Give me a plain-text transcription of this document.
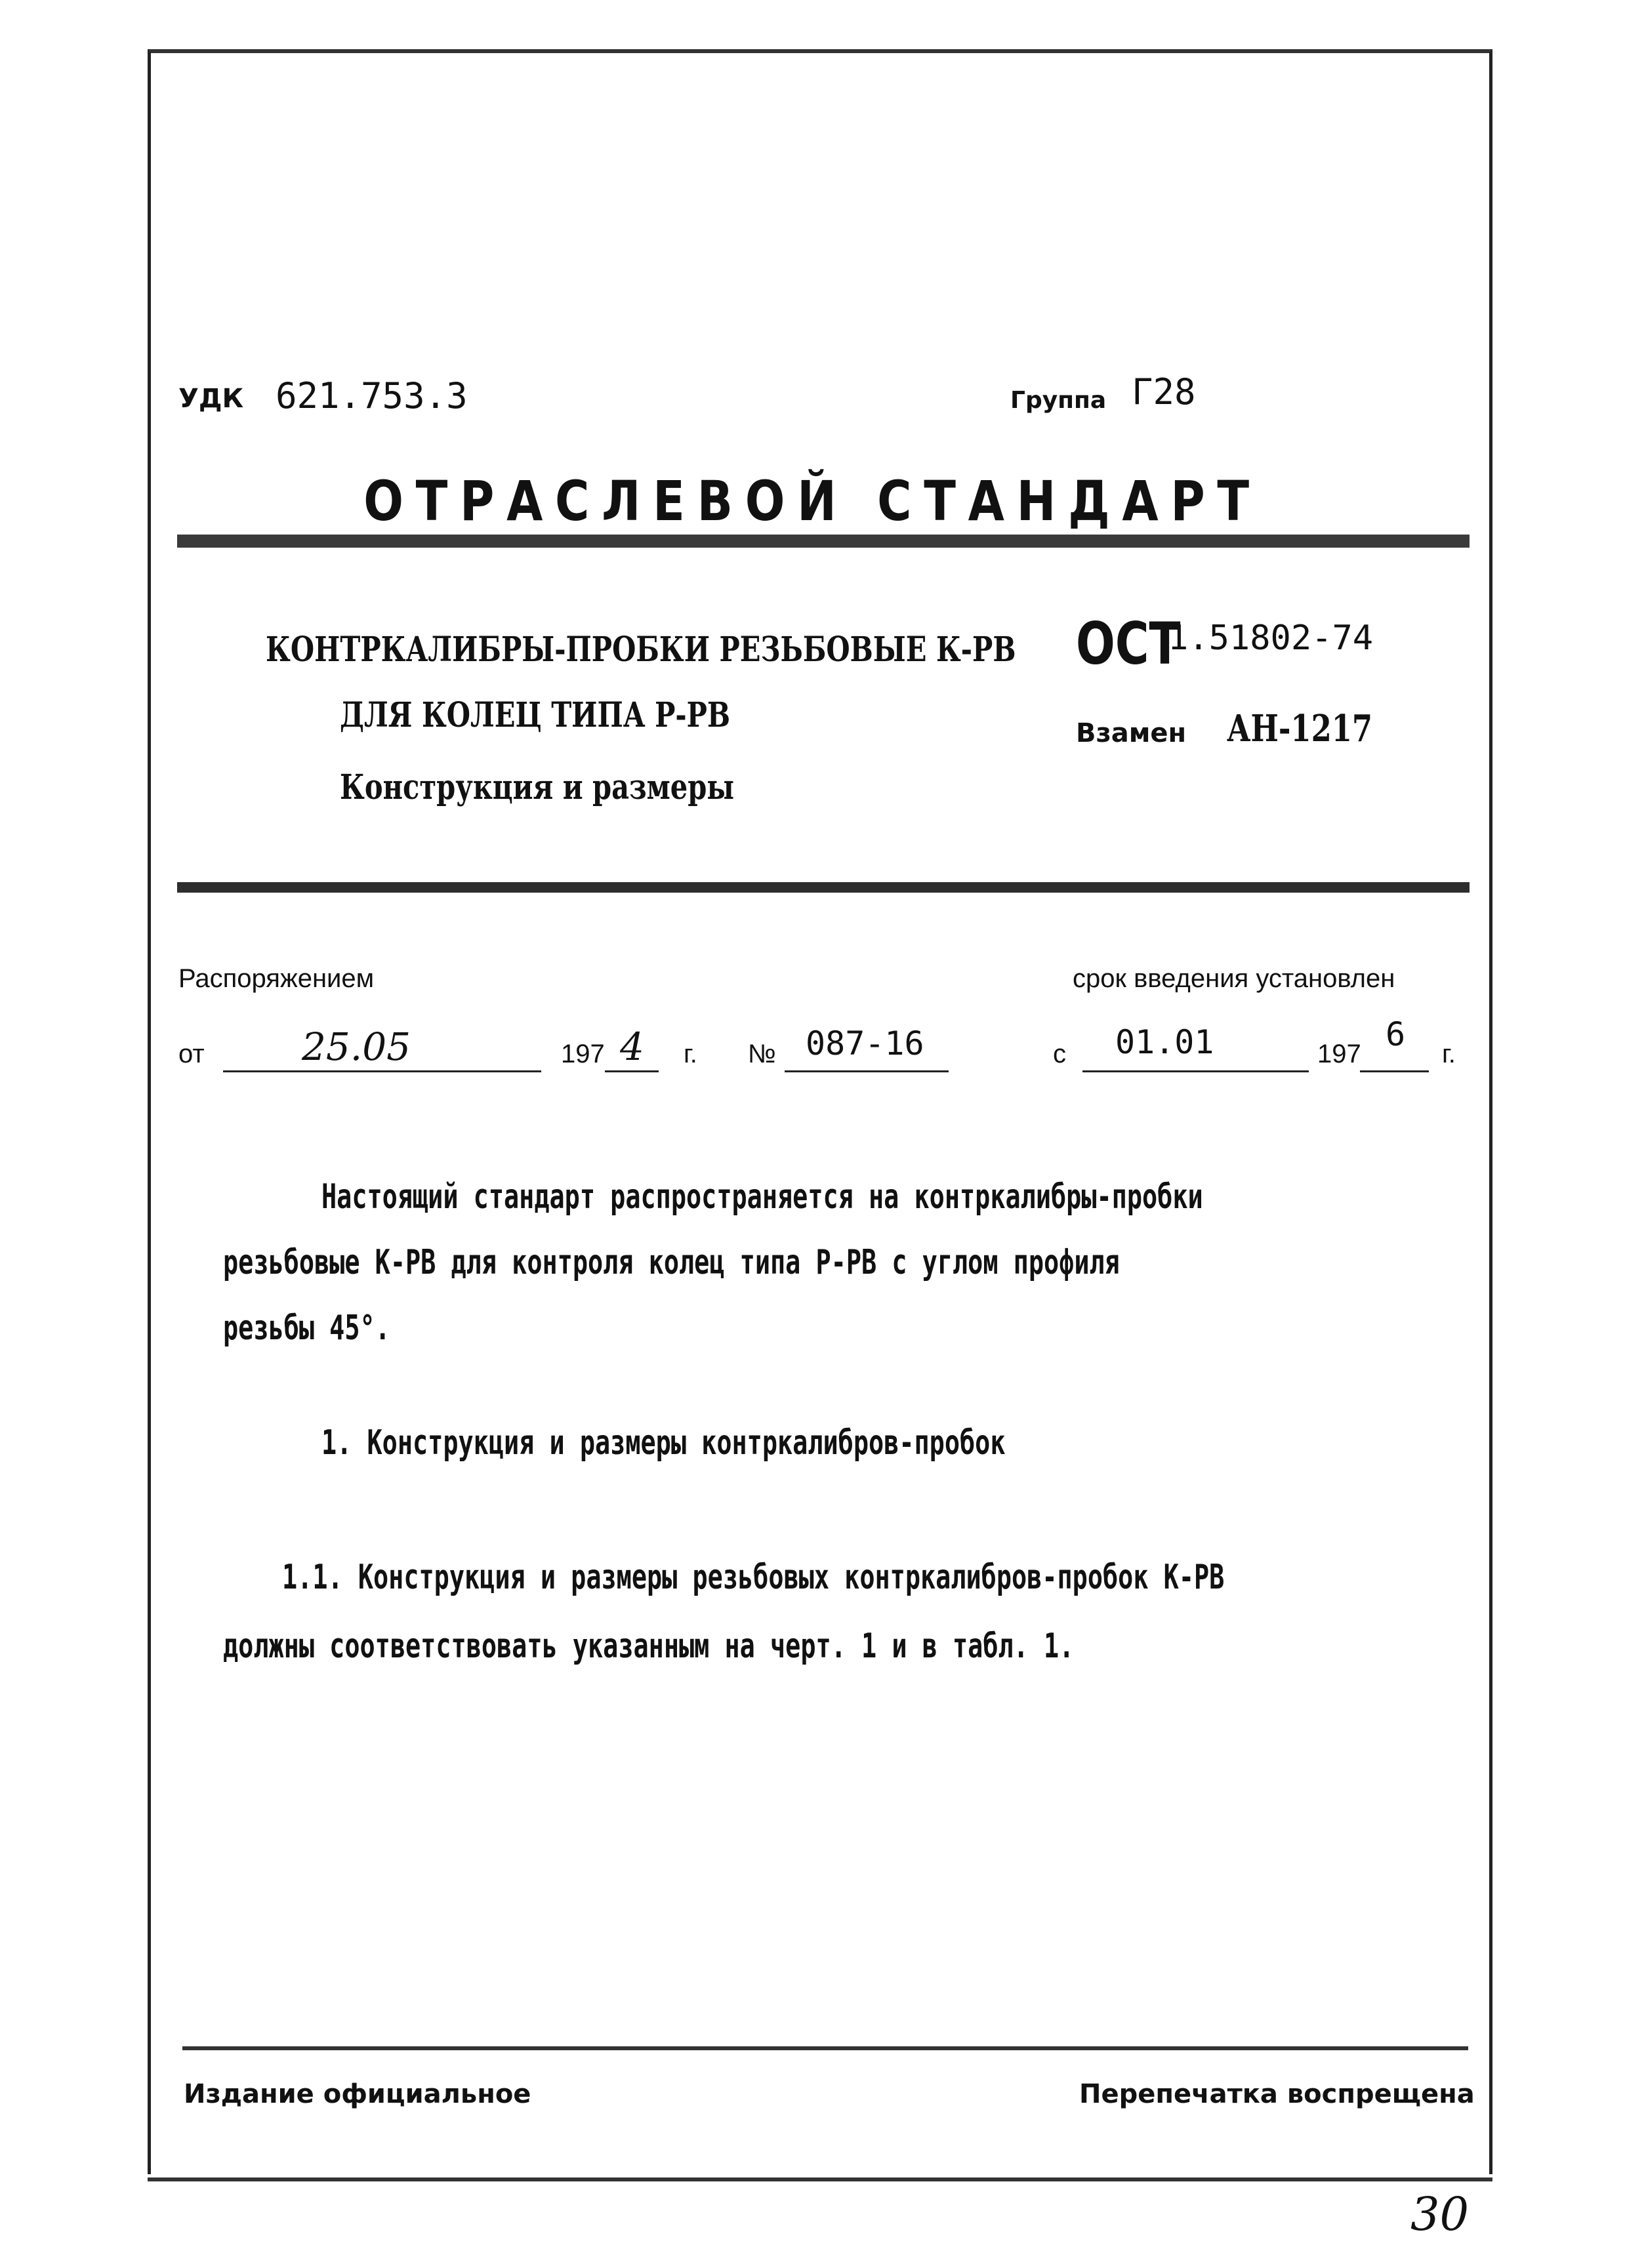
УДК 621.753.3	Группа Г28
ОТРАСЛЕВОЙ СТАНДАРТ
КОНТРКАЛИБРЫ-ПРОБКИ РЕЗЬБОВЫЕ К-РВ
ДЛЯ КОЛЕЦ ТИПА Р-РВ
Конструкция и размеры
ОСТ
1.51802-74
Взамен АН-1217
Распоряжением	срок введения установлен
от	25.05	197 4 г. № 087-16	с 01.01	197
6
г.
Настоящий стандарт распространяется на контркалибры-пробки
резьбовые К-РВ для контроля колец типа Р-РВ с углом профиля
резьбы 45°.
1. Конструкция и размеры контркалибров-пробок
1.1. Конструкция и размеры резьбовых контркалибров-пробок К-РВ
должны соответствовать указанным на черт. 1 и в табл. 1.
Издание официальное	Перепечатка воспрещена
30
